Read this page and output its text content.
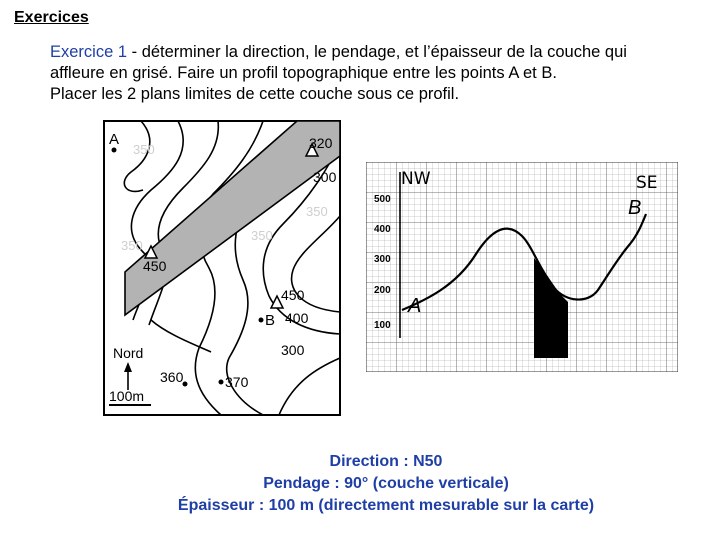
Exercices
Exercice 1 - déterminer la direction, le pendage, et l’épaisseur de la couche qui
affleure en grisé. Faire un profil topographique entre les points A et B.
Placer les 2 plans limites de cette couche sous ce profil.
A
B
320
300
450
450
400
300
360	370
350
350
350
350
Nord
100m
NW	SE
A
B
500
400
300
200
100
Direction : N50
Pendage : 90° (couche verticale)
Épaisseur : 100 m (directement mesurable sur la carte)
